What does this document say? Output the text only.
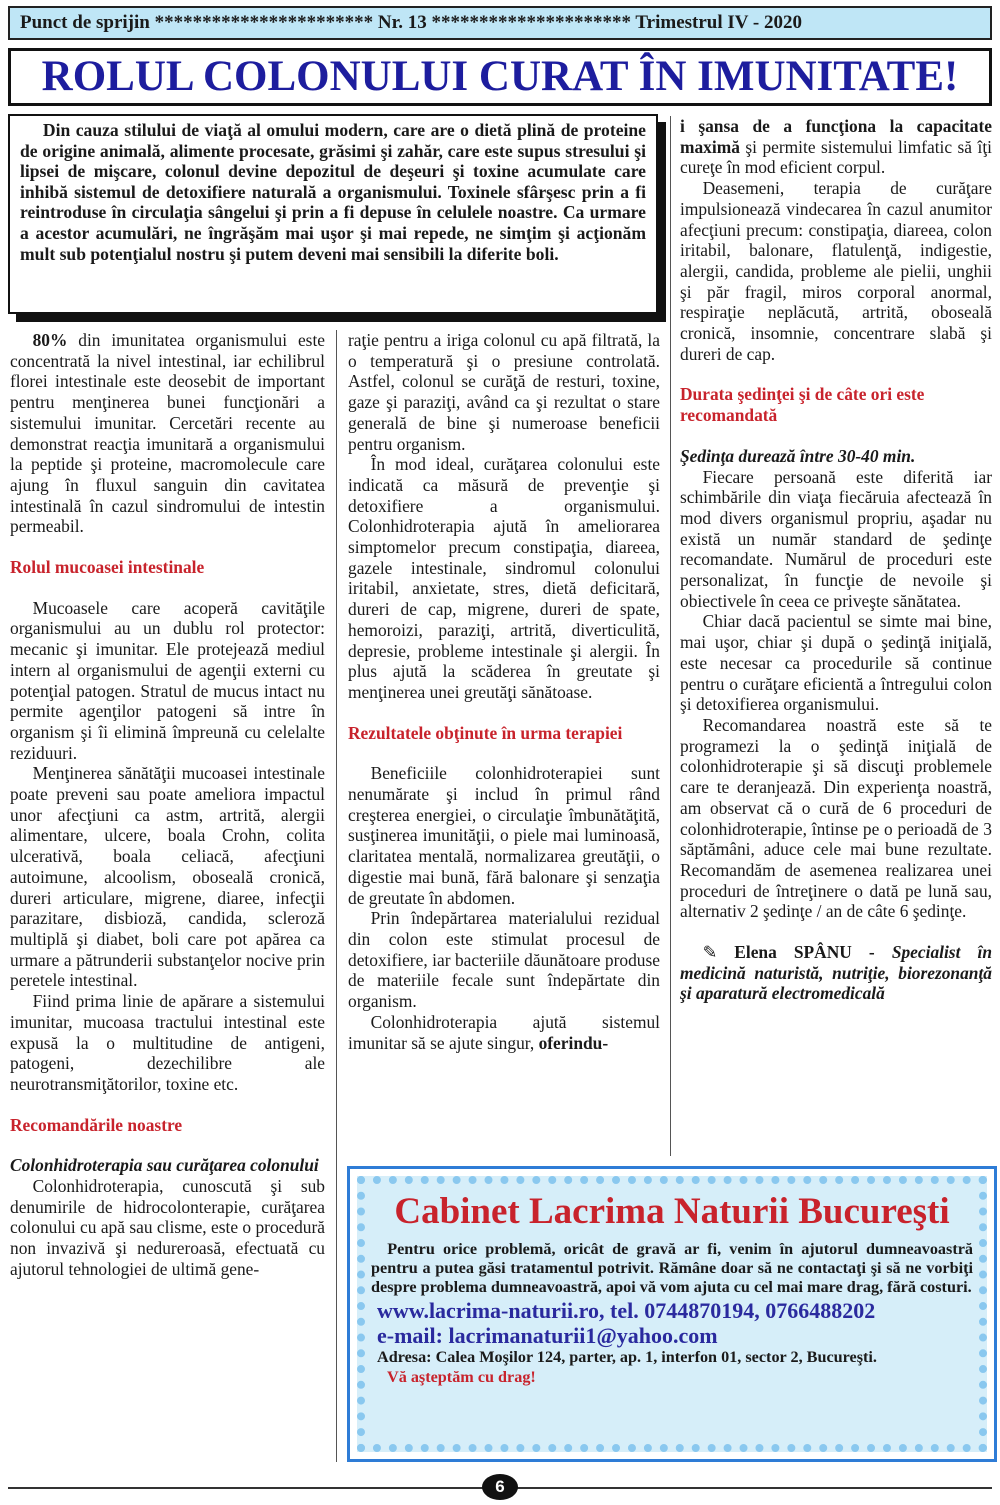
Punct de sprijin *********************** Nr. 13 ********************* Trimestrul IV - 2020
ROLUL COLONULUI CURAT ÎN IMUNITATE!
Din cauza stilului de viaţă al omului modern, care are o dietă plină de proteine de origine animală, alimente procesate, grăsimi şi zahăr, care este supus stresului şi lipsei de mişcare, colonul devine depozitul de deşeuri şi toxine acumulate care inhibă sistemul de detoxifiere naturală a organismului. Toxinele sfârşesc prin a fi reintroduse în circulaţia sângelui şi prin a fi depuse în celulele noastre. Ca urmare a acestor acumulări, ne îngrăşăm mai uşor şi mai repede, ne simţim şi acţionăm mult sub potenţialul nostru şi putem deveni mai sensibili la diferite boli.

80% din imunitatea organismului este concentrată la nivel intestinal, iar echilibrul florei intestinale este deosebit de important pentru menţinerea bunei funcţionări a sistemului imunitar. Cercetări recente au demonstrat reacţia imunitară a organismului la peptide şi proteine, macromolecule care ajung în fluxul sanguin din cavitatea intestinală în cazul sindromului de intestin permeabil.

Rolul mucoasei intestinale

Mucoasele care acoperă cavităţile organismului au un dublu rol protector: mecanic şi imunitar. Ele protejează mediul intern al organismului de agenţii externi cu potenţial patogen. Stratul de mucus intact nu permite agenţilor patogeni să intre în organism şi îi elimină împreună cu celelalte reziduuri.

Menţinerea sănătăţii mucoasei intestinale poate preveni sau poate ameliora impactul unor afecţiuni ca astm, artrită, alergii alimentare, ulcere, boala Crohn, colita ulcerativă, boala celiacă, afecţiuni autoimune, alcoolism, oboseală cronică, dureri articulare, migrene, diaree, infecţii parazitare, disbioză, candida, scleroză multiplă şi diabet, boli care pot apărea ca urmare a pătrunderii substanţelor nocive prin peretele intestinal.

Fiind prima linie de apărare a sistemului imunitar, mucoasa tractului intestinal este expusă la o multitudine de antigeni, patogeni, dezechilibre ale neurotransmiţătorilor, toxine etc.

Recomandările noastre

Colonhidroterapia sau curăţarea colonului

Colonhidroterapia, cunoscută şi sub denumirile de hidrocolonterapie, curăţarea colonului cu apă sau clisme, este o procedură non invazivă şi nedureroasă, efectuată cu ajutorul tehnologiei de ultimă gene-

raţie pentru a iriga colonul cu apă filtrată, la o temperatură şi o presiune controlată. Astfel, colonul se curăţă de resturi, toxine, gaze şi paraziţi, având ca şi rezultat o stare generală de bine şi numeroase beneficii pentru organism.

În mod ideal, curăţarea colonului este indicată ca măsură de prevenţie şi detoxifiere a organismului. Colonhidroterapia ajută în ameliorarea simptomelor precum constipaţia, diareea, gazele intestinale, sindromul colonului iritabil, anxietate, stres, dietă deficitară, dureri de cap, migrene, dureri de spate, hemoroizi, paraziţi, artrită, diverticulită, depresie, probleme intestinale şi alergii. În plus ajută la scăderea în greutate şi menţinerea unei greutăţi sănătoase.

Rezultatele obţinute în urma terapiei

Beneficiile colonhidroterapiei sunt nenumărate şi includ în primul rând creşterea energiei, o circulaţie îmbunătăţită, susţinerea imunităţii, o piele mai luminoasă, claritatea mentală, normalizarea greutăţii, o digestie mai bună, fără balonare şi senzaţia de greutate în abdomen.

Prin îndepărtarea materialului rezidual din colon este stimulat procesul de detoxifiere, iar bacteriile dăunătoare produse de materiile fecale sunt îndepărtate din organism.

Colonhidroterapia ajută sistemul imunitar să se ajute singur, oferindu-

i şansa de a funcţiona la capacitate maximă şi permite sistemului limfatic să îţi cureţe în mod eficient corpul.

Deasemeni, terapia de curăţare impulsionează vindecarea în cazul anumitor afecţiuni precum: constipaţia, diareea, colon iritabil, balonare, flatulenţă, indigestie, alergii, candida, probleme ale pielii, unghii şi păr fragil, miros corporal anormal, respiraţie neplăcută, artrită, oboseală cronică, insomnie, concentrare slabă şi dureri de cap.

Durata şedinţei şi de câte ori este recomandată

Şedinţa durează între 30-40 min.

Fiecare persoană este diferită iar schimbările din viaţa fiecăruia afectează în mod divers organismul propriu, aşadar nu există un număr standard de şedinţe recomandate. Numărul de proceduri este personalizat, în funcţie de nevoile şi obiectivele în ceea ce priveşte sănătatea.

Chiar dacă pacientul se simte mai bine, mai uşor, chiar şi după o şedinţă iniţială, este necesar ca procedurile să continue pentru o curăţare eficientă a întregului colon şi detoxifierea organismului.

Recomandarea noastră este să te programezi la o şedinţă iniţială de colonhidroterapie şi să discuţi problemele care te deranjează. Din experienţa noastră, am observat că o cură de 6 proceduri de colonhidroterapie, întinse pe o perioadă de 3 săptămâni, aduce cele mai bune rezultate. Recomandăm de asemenea realizarea unei proceduri de întreţinere o dată pe lună sau, alternativ 2 şedinţe / an de câte 6 şedinţe.

✎ Elena SPÂNU - Specialist în medicină naturistă, nutriţie, biorezonanţă şi aparatură electromedicală

Cabinet Lacrima Naturii Bucureşti
Pentru orice problemă, oricât de gravă ar fi, venim în ajutorul dumneavoastră pentru a putea găsi tratamentul potrivit. Rămâne doar să ne contactaţi şi să ne vorbiţi despre problema dumneavoastră, apoi vă vom ajuta cu cel mai mare drag, fără costuri.
www.lacrima-naturii.ro, tel. 0744870194, 0766488202
e-mail: lacrimanaturii1@yahoo.com
Adresa: Calea Moşilor 124, parter, ap. 1, interfon 01, sector 2, Bucureşti.
Vă aşteptăm cu drag!
6
